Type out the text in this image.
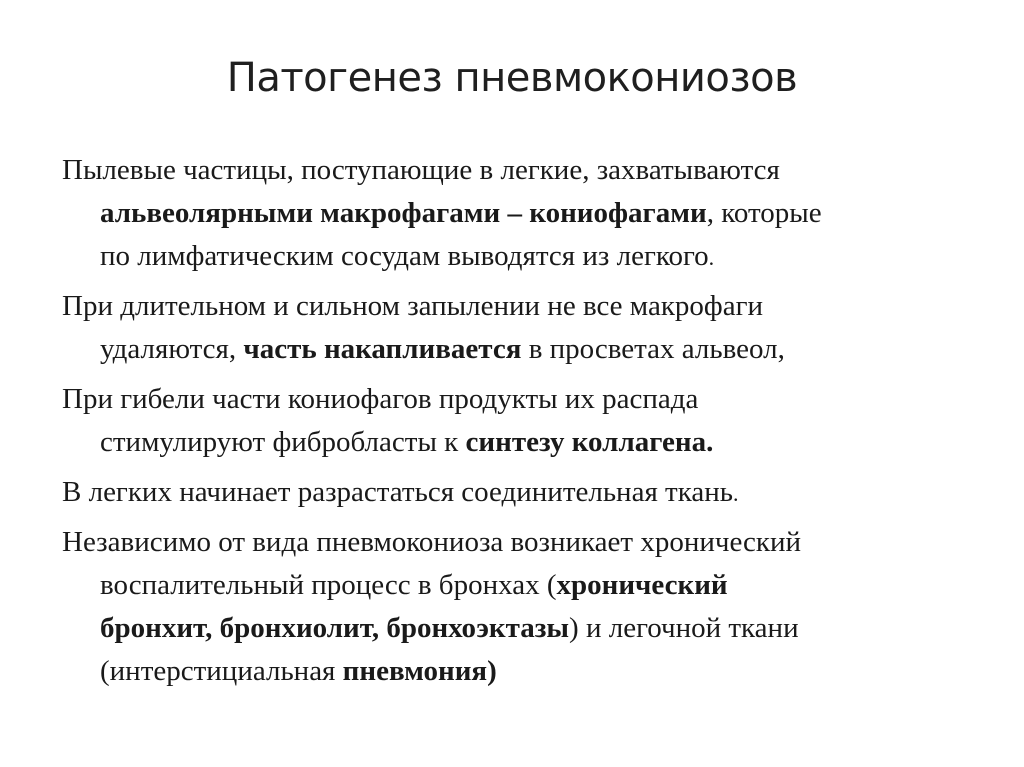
Патогенез пневмокониозов

Пылевые частицы, поступающие в легкие, захватываются
альвеолярными макрофагами – кониофагами, которые
по лимфатическим сосудам выводятся из легкого.

При длительном и сильном запылении не все макрофаги
удаляются, часть накапливается в просветах альвеол,

При гибели части кониофагов продукты их распада
стимулируют фибробласты к синтезу коллагена.

В легких начинает разрастаться соединительная ткань.

Независимо от вида пневмокониоза возникает хронический
воспалительный процесс в бронхах (хронический
бронхит, бронхиолит, бронхоэктазы) и легочной ткани
(интерстициальная пневмония)
